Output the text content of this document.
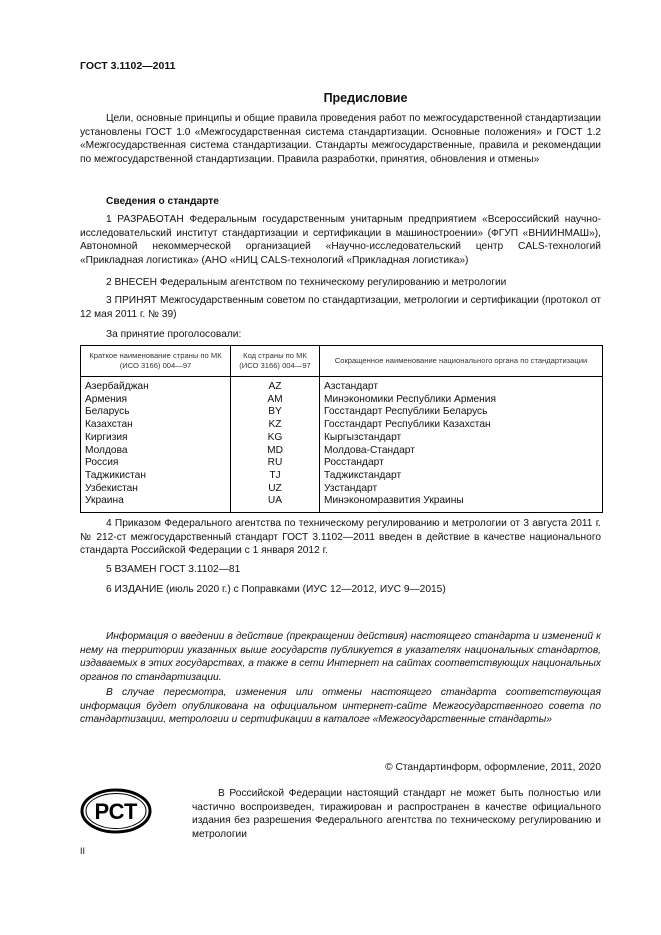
ГОСТ 3.1102—2011
Предисловие
Цели, основные принципы и общие правила проведения работ по межгосударственной стандартизации установлены ГОСТ 1.0 «Межгосударственная система стандартизации. Основные положения» и ГОСТ 1.2 «Межгосударственная система стандартизации. Стандарты межгосударственные, правила и рекомендации по межгосударственной стандартизации. Правила разработки, принятия, обновления и отмены»
Сведения о стандарте
1 РАЗРАБОТАН Федеральным государственным унитарным предприятием «Всероссийский научно-исследовательский институт стандартизации и сертификации в машиностроении» (ФГУП «ВНИИНМАШ»), Автономной некоммерческой организацией «Научно-исследовательский центр CALS-технологий «Прикладная логистика» (АНО «НИЦ CALS-технологий «Прикладная логистика»)
2 ВНЕСЕН Федеральным агентством по техническому регулированию и метрологии
3 ПРИНЯТ Межгосударственным советом по стандартизации, метрологии и сертификации (протокол от 12 мая 2011 г. № 39)
За принятие проголосовали:
Краткое наименование страны по МК (ИСО 3166) 004—97	Код страны по МК (ИСО 3166) 004—97	Сокращенное наименование национального органа по стандартизации
Азербайджан	AZ	Азстандарт
Армения	AM	Минэкономики Республики Армения
Беларусь	BY	Госстандарт Республики Беларусь
Казахстан	KZ	Госстандарт Республики Казахстан
Киргизия	KG	Кыргызстандарт
Молдова	MD	Молдова-Стандарт
Россия	RU	Росстандарт
Таджикистан	TJ	Таджикстандарт
Узбекистан	UZ	Узстандарт
Украина	UA	Минэкономразвития Украины
4 Приказом Федерального агентства по техническому регулированию и метрологии от 3 августа 2011 г. № 212-ст межгосударственный стандарт ГОСТ 3.1102—2011 введен в действие в качестве национального стандарта Российской Федерации с 1 января 2012 г.
5 ВЗАМЕН ГОСТ 3.1102—81
6 ИЗДАНИЕ (июль 2020 г.) с Поправками (ИУС 12—2012, ИУС 9—2015)
Информация о введении в действие (прекращении действия) настоящего стандарта и изменений к нему на территории указанных выше государств публикуется в указателях национальных стандартов, издаваемых в этих государствах, а также в сети Интернет на сайтах соответствующих национальных органов по стандартизации.
В случае пересмотра, изменения или отмены настоящего стандарта соответствующая информация будет опубликована на официальном интернет-сайте Межгосударственного совета по стандартизации, метрологии и сертификации в каталоге «Межгосударственные стандарты»
© Стандартинформ, оформление, 2011, 2020
РСТ
В Российской Федерации настоящий стандарт не может быть полностью или частично воспроизведен, тиражирован и распространен в качестве официального издания без разрешения Федерального агентства по техническому регулированию и метрологии
II
